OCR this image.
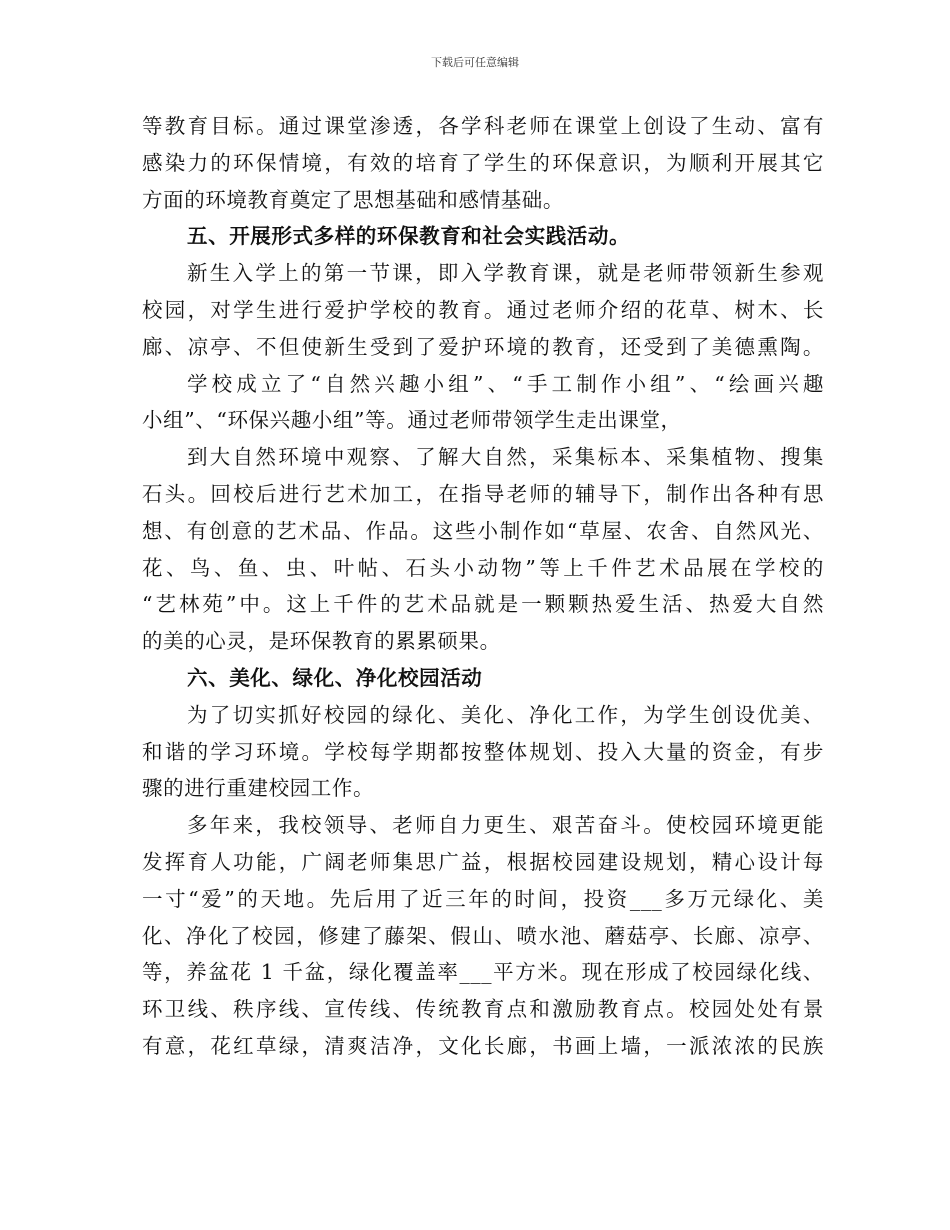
下载后可任意编辑
等教育目标。通过课堂渗透，各学科老师在课堂上创设了生动、富有
感染力的环保情境，有效的培育了学生的环保意识，为顺利开展其它
方面的环境教育奠定了思想基础和感情基础。
五、开展形式多样的环保教育和社会实践活动。
新生入学上的第一节课，即入学教育课，就是老师带领新生参观
校园，对学生进行爱护学校的教育。通过老师介绍的花草、树木、长
廊、凉亭、不但使新生受到了爱护环境的教育，还受到了美德熏陶。
学校成立了“自然兴趣小组”、“手工制作小组”、“绘画兴趣
小组”、“环保兴趣小组”等。通过老师带领学生走出课堂，
到大自然环境中观察、了解大自然，采集标本、采集植物、搜集
石头。回校后进行艺术加工，在指导老师的辅导下，制作出各种有思
想、有创意的艺术品、作品。这些小制作如“草屋、农舍、自然风光、
花、鸟、鱼、虫、叶帖、石头小动物”等上千件艺术品展在学校的
“艺林苑”中。这上千件的艺术品就是一颗颗热爱生活、热爱大自然
的美的心灵，是环保教育的累累硕果。
六、美化、绿化、净化校园活动
为了切实抓好校园的绿化、美化、净化工作，为学生创设优美、
和谐的学习环境。学校每学期都按整体规划、投入大量的资金，有步
骤的进行重建校园工作。
多年来，我校领导、老师自力更生、艰苦奋斗。使校园环境更能
发挥育人功能，广阔老师集思广益，根据校园建设规划，精心设计每
一寸“爱”的天地。先后用了近三年的时间，投资___多万元绿化、美
化、净化了校园，修建了藤架、假山、喷水池、蘑菇亭、长廊、凉亭、
等，养盆花 1 千盆，绿化覆盖率___平方米。现在形成了校园绿化线、
环卫线、秩序线、宣传线、传统教育点和激励教育点。校园处处有景
有意，花红草绿，清爽洁净，文化长廊，书画上墙，一派浓浓的民族
